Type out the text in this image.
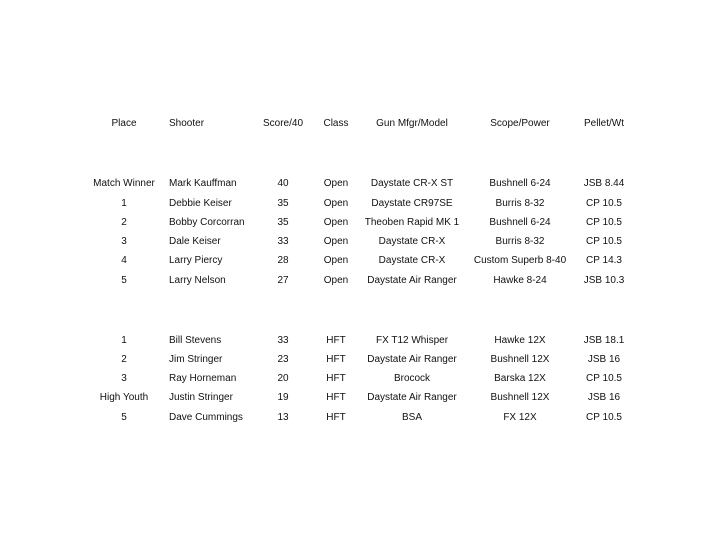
Place	Shooter	Score/40	Class	Gun Mfgr/Model	Scope/Power	Pellet/Wt
Match Winner	Mark Kauffman	40	Open	Daystate CR-X ST	Bushnell 6-24	JSB 8.44
1	Debbie Keiser	35	Open	Daystate CR97SE	Burris 8-32	CP 10.5
2	Bobby Corcorran	35	Open	Theoben Rapid MK 1	Bushnell 6-24	CP 10.5
3	Dale Keiser	33	Open	Daystate CR-X	Burris 8-32	CP 10.5
4	Larry Piercy	28	Open	Daystate CR-X	Custom Superb 8-40	CP 14.3
5	Larry Nelson	27	Open	Daystate Air Ranger	Hawke 8-24	JSB 10.3
1	Bill Stevens	33	HFT	FX T12 Whisper	Hawke 12X	JSB 18.1
2	Jim Stringer	23	HFT	Daystate Air Ranger	Bushnell 12X	JSB 16
3	Ray Horneman	20	HFT	Brocock	Barska 12X	CP 10.5
High Youth	Justin Stringer	19	HFT	Daystate Air Ranger	Bushnell 12X	JSB 16
5	Dave Cummings	13	HFT	BSA	FX 12X	CP 10.5
